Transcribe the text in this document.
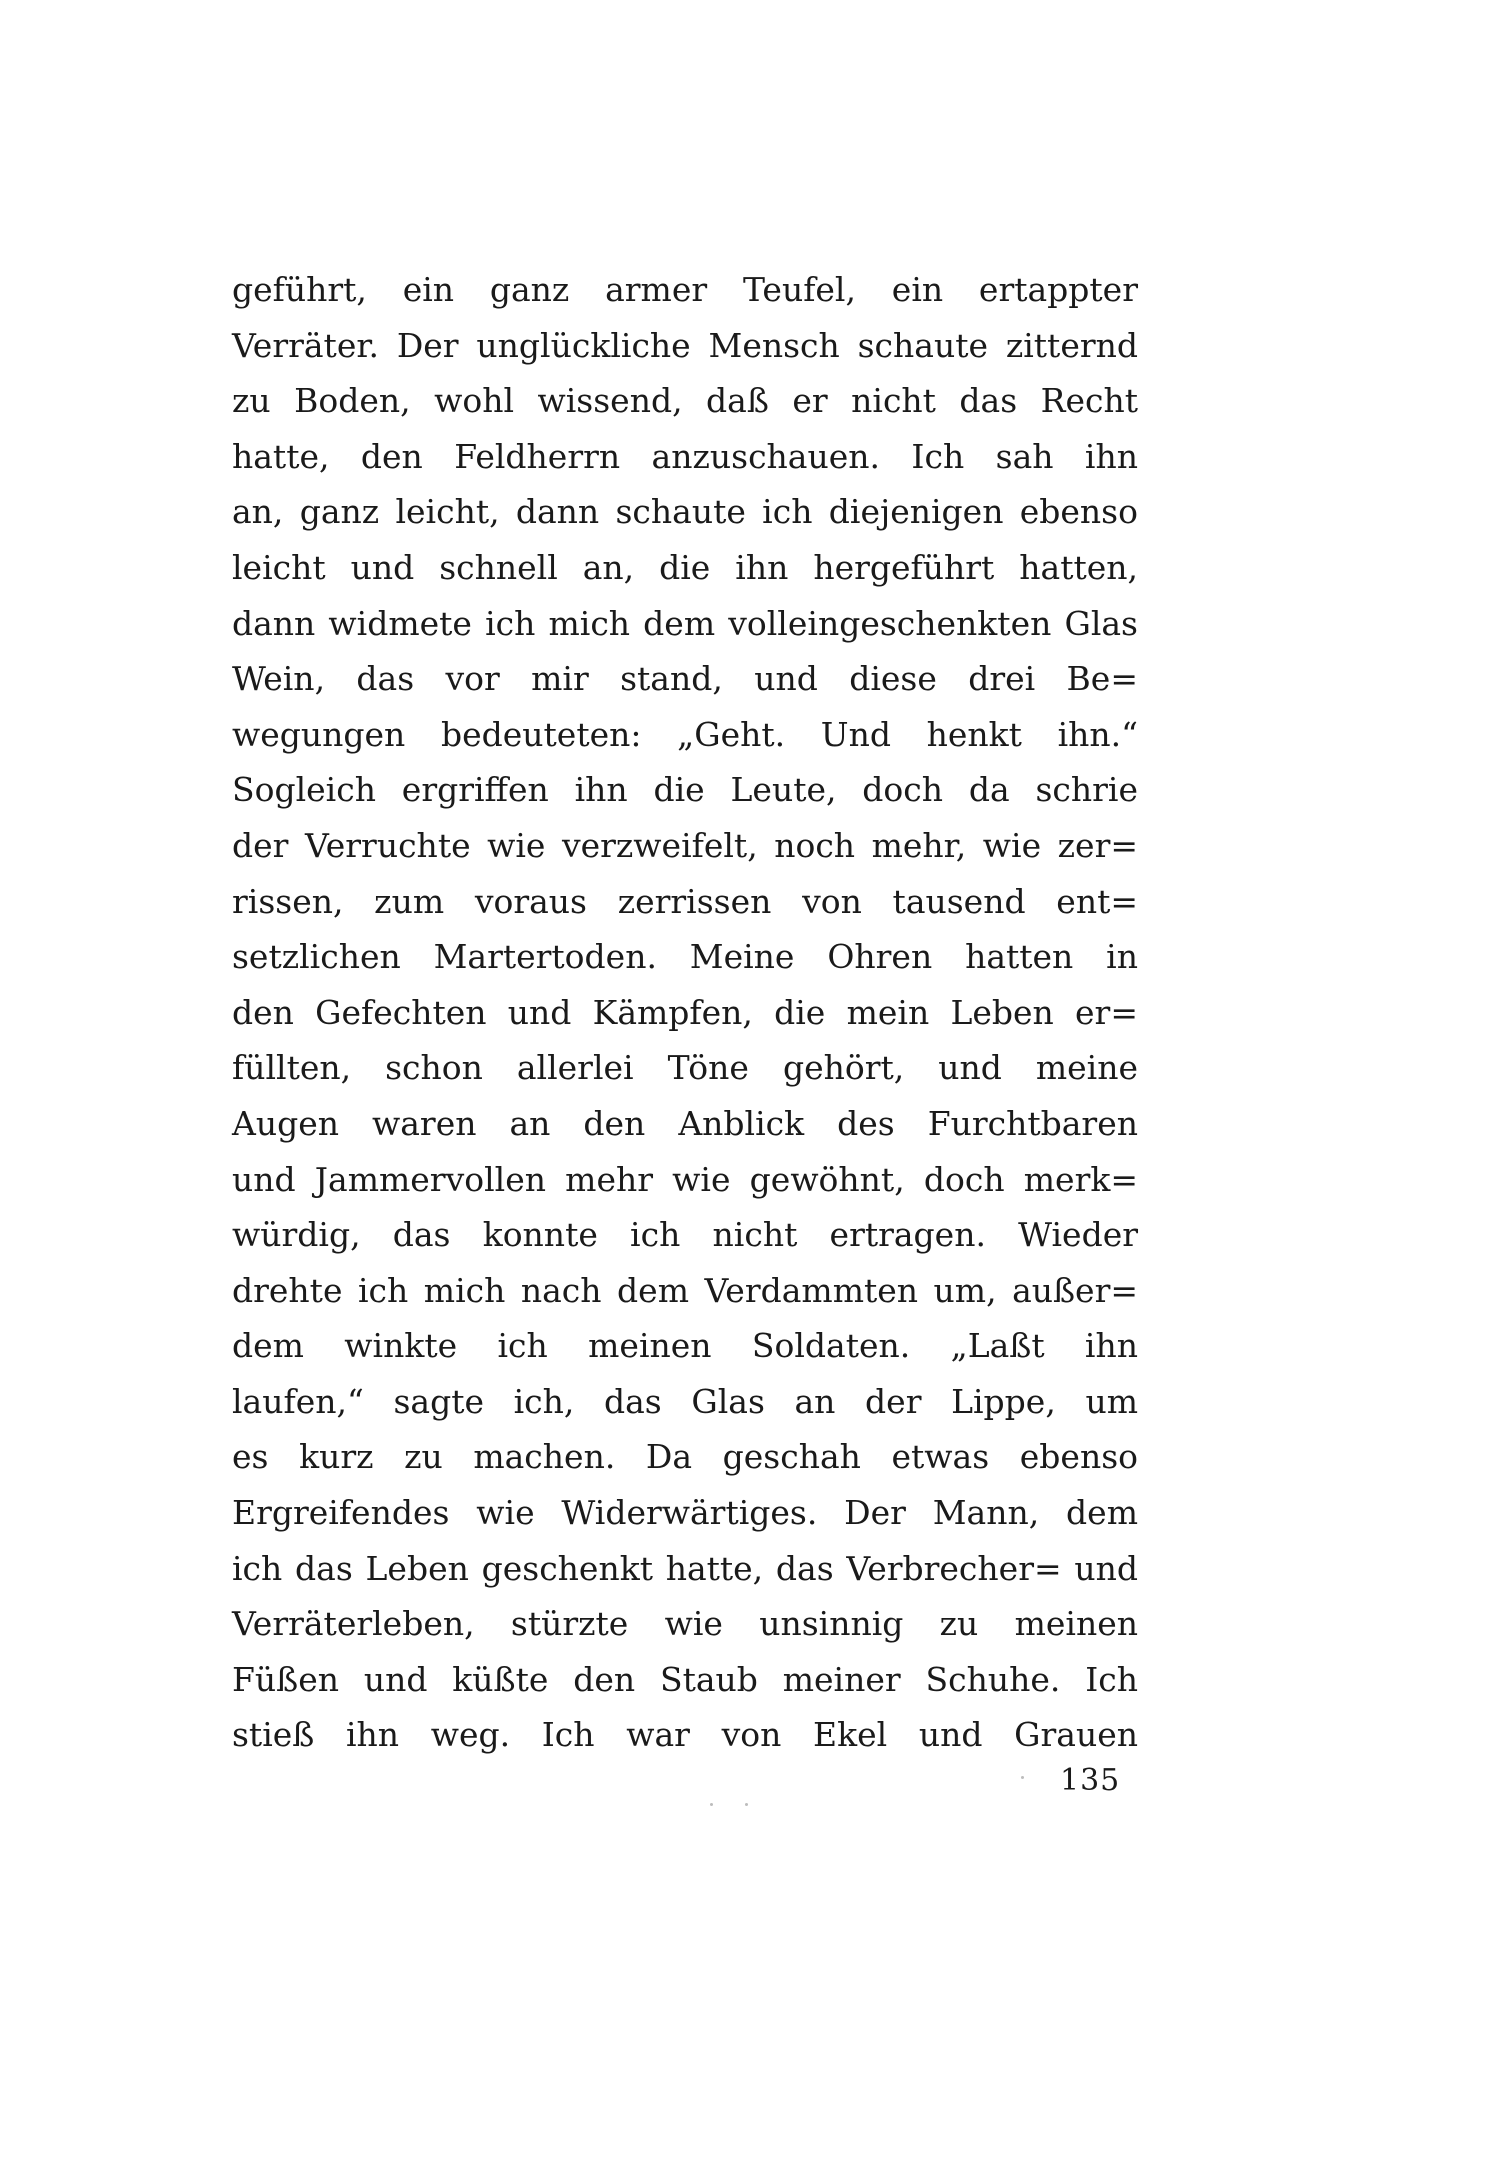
geführt, ein ganz armer Teufel, ein ertappter
Verräter. Der unglückliche Mensch schaute zitternd
zu Boden, wohl wissend, daß er nicht das Recht
hatte, den Feldherrn anzuschauen. Ich sah ihn
an, ganz leicht, dann schaute ich diejenigen ebenso
leicht und schnell an, die ihn hergeführt hatten,
dann widmete ich mich dem volleingeschenkten Glas
Wein, das vor mir stand, und diese drei Be=
wegungen bedeuteten: „Geht. Und henkt ihn.“
Sogleich ergriffen ihn die Leute, doch da schrie
der Verruchte wie verzweifelt, noch mehr, wie zer=
rissen, zum voraus zerrissen von tausend ent=
setzlichen Martertoden. Meine Ohren hatten in
den Gefechten und Kämpfen, die mein Leben er=
füllten, schon allerlei Töne gehört, und meine
Augen waren an den Anblick des Furchtbaren
und Jammervollen mehr wie gewöhnt, doch merk=
würdig, das konnte ich nicht ertragen. Wieder
drehte ich mich nach dem Verdammten um, außer=
dem winkte ich meinen Soldaten. „Laßt ihn
laufen,“ sagte ich, das Glas an der Lippe, um
es kurz zu machen. Da geschah etwas ebenso
Ergreifendes wie Widerwärtiges. Der Mann, dem
ich das Leben geschenkt hatte, das Verbrecher= und
Verräterleben, stürzte wie unsinnig zu meinen
Füßen und küßte den Staub meiner Schuhe. Ich
stieß ihn weg. Ich war von Ekel und Grauen
135
